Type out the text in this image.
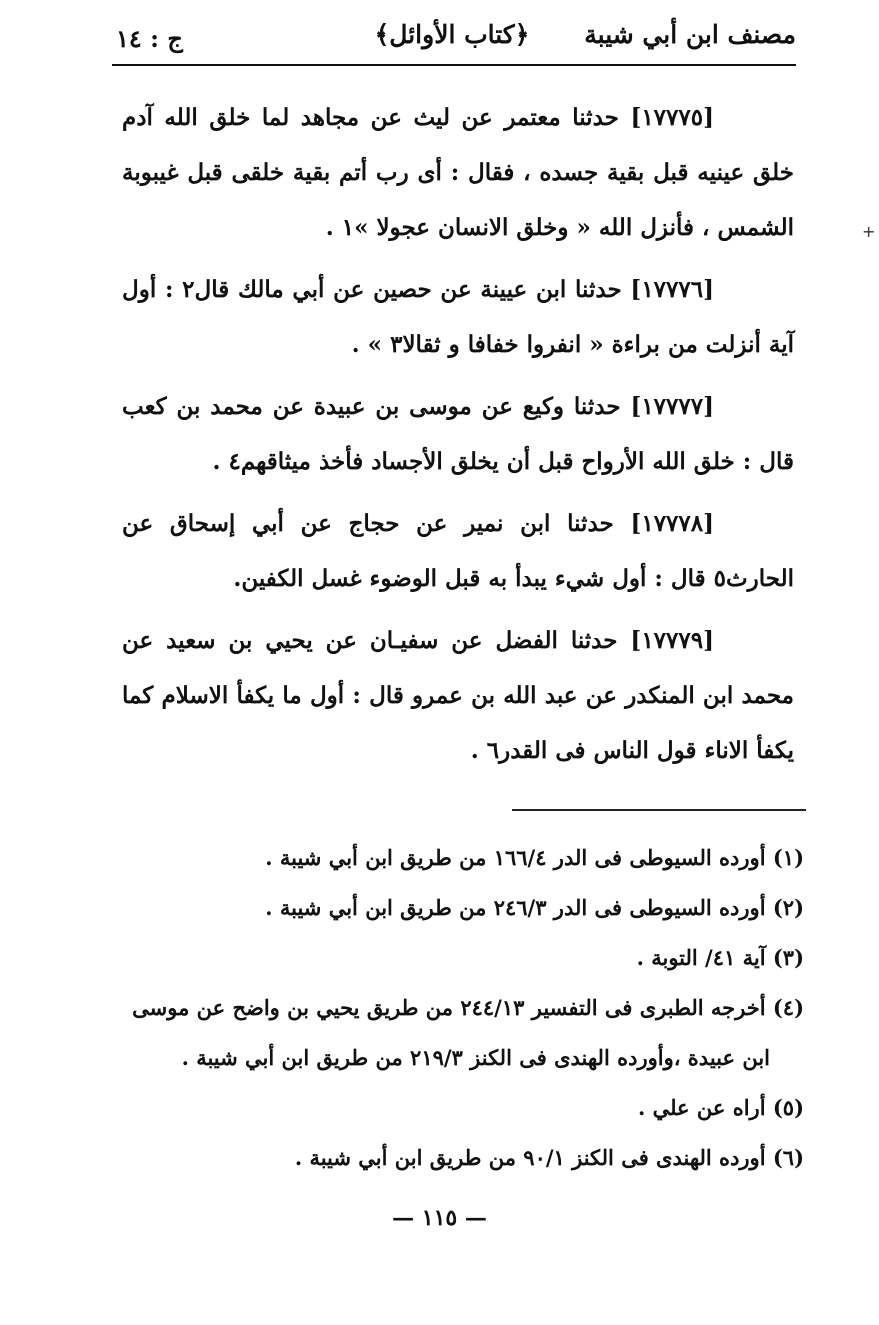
مصنف ابن أبي شيبة
﴿كتاب الأوائل﴾
ج : ١٤
+

[١٧٧٧٥] حدثنا معتمر عن ليث عن مجاهد لما خلق الله آدم خلق عينيه قبل بقية جسده ، فقال : أى رب أتم بقية خلقى قبل غيبوبة الشمس ، فأنزل الله « وخلق الانسان عجولا »١ .

[١٧٧٧٦] حدثنا ابن عيينة عن حصين عن أبي مالك قال٢ : أول آية أنزلت من براءة « انفروا خفافا و ثقالا٣ » .

[١٧٧٧٧] حدثنا وكيع عن موسى بن عبيدة عن محمد بن كعب قال : خلق الله الأرواح قبل أن يخلق الأجساد فأخذ ميثاقهم٤ .

[١٧٧٧٨] حدثنا ابن نمير عن حجاج عن أبي إسحاق عن الحارث٥ قال : أول شيء يبدأ به قبل الوضوء غسل الكفين.

[١٧٧٧٩] حدثنا الفضل عن سفيـان عن يحيي بن سعيد عن محمد ابن المنكدر عن عبد الله بن عمرو قال : أول ما يكفأ الاسلام كما يكفأ الاناء قول الناس فى القدر٦ .

(١) أورده السيوطى فى الدر ١٦٦/٤ من طريق ابن أبي شيبة .
(٢) أورده السيوطى فى الدر ٢٤٦/٣ من طريق ابن أبي شيبة .
(٣) آية ٤١/ التوبة .
(٤) أخرجه الطبرى فى التفسير ٢٤٤/١٣ من طريق يحيي بن واضح عن موسى ابن عبيدة ،وأورده الهندى فى الكنز ٢١٩/٣ من طريق ابن أبي شيبة .
(٥) أراه عن علي .
(٦) أورده الهندى فى الكنز ٩٠/١ من طريق ابن أبي شيبة .
— ١١٥ —
